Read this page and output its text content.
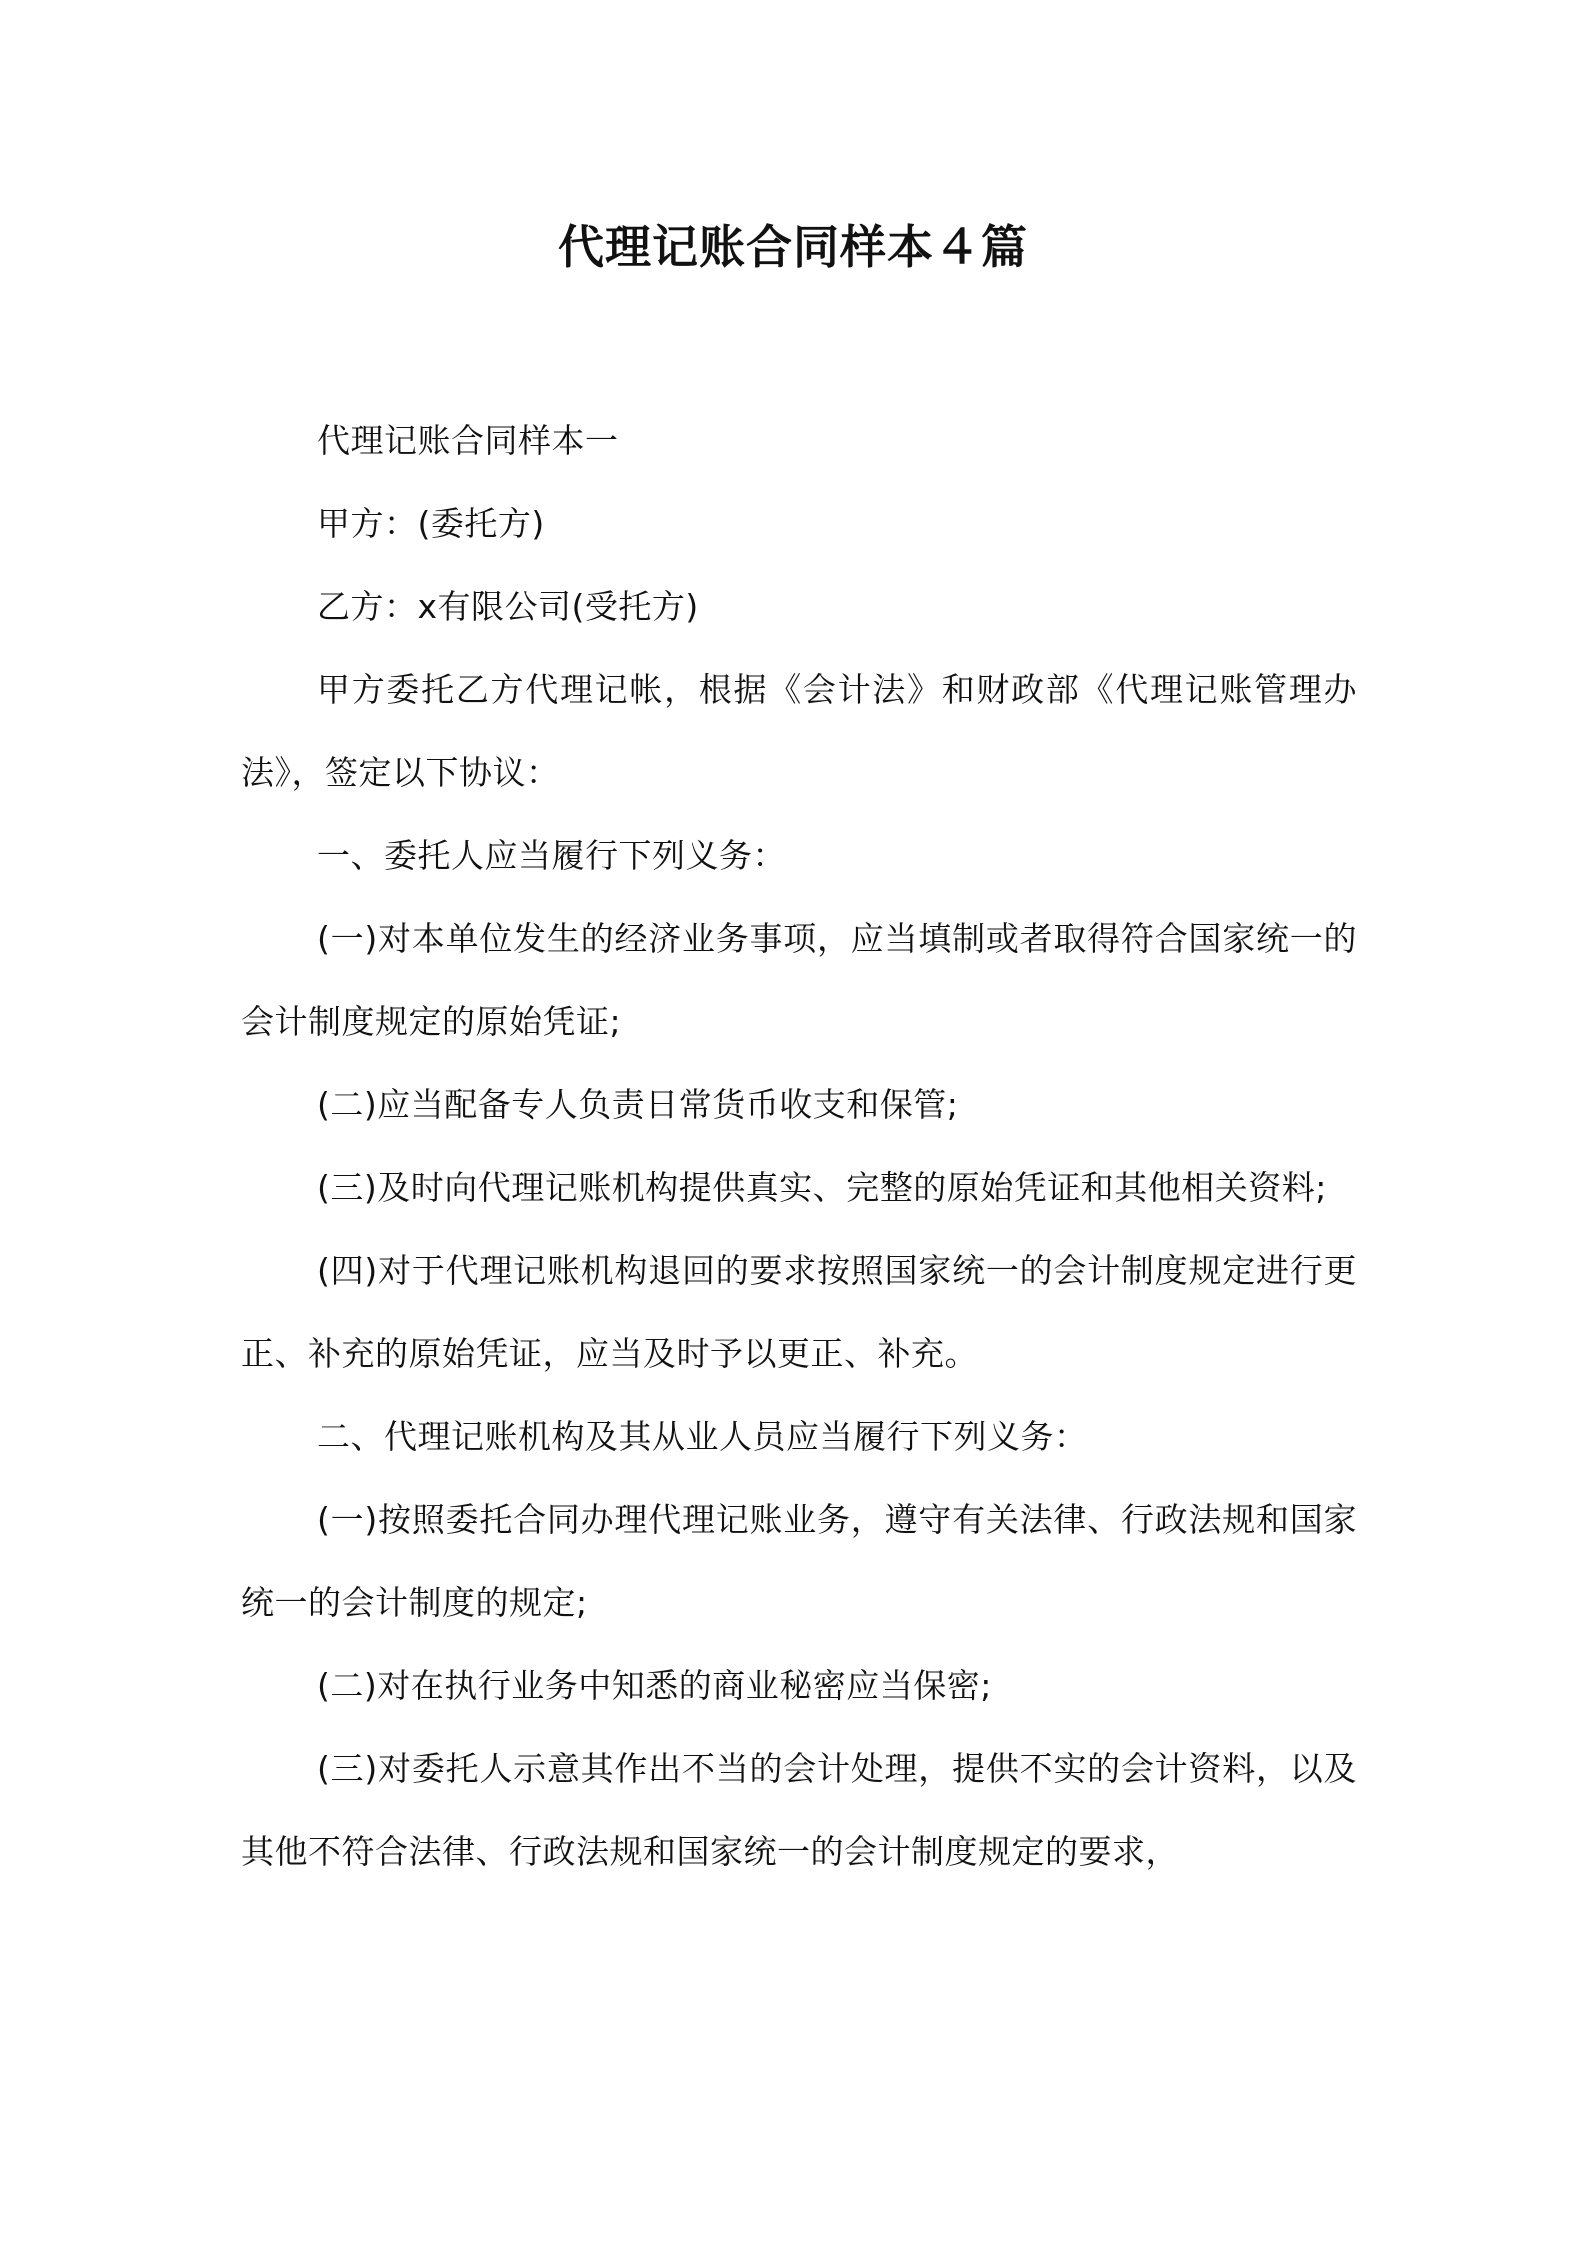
代理记账合同样本４篇

代理记账合同样本一

甲方：(委托方)

乙方：x有限公司(受托方)

甲方委托乙方代理记帐，根据《会计法》和财政部《代理记账管理办法》，签定以下协议：

一、委托人应当履行下列义务：

(一)对本单位发生的经济业务事项，应当填制或者取得符合国家统一的会计制度规定的原始凭证;

(二)应当配备专人负责日常货币收支和保管;

(三)及时向代理记账机构提供真实、完整的原始凭证和其他相关资料;

(四)对于代理记账机构退回的要求按照国家统一的会计制度规定进行更正、补充的原始凭证，应当及时予以更正、补充。

二、代理记账机构及其从业人员应当履行下列义务：

(一)按照委托合同办理代理记账业务，遵守有关法律、行政法规和国家统一的会计制度的规定;

(二)对在执行业务中知悉的商业秘密应当保密;

(三)对委托人示意其作出不当的会计处理，提供不实的会计资料，以及其他不符合法律、行政法规和国家统一的会计制度规定的要求，
